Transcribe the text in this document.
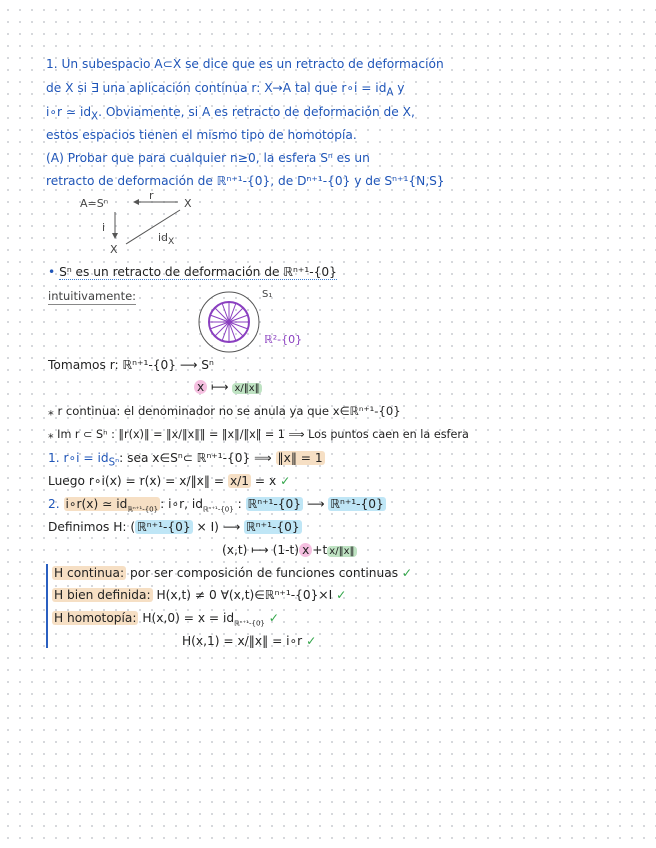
1. Un subespacio A⊂X se dice que es un retracto de deformación
de X si ∃ una aplicación continua r: X→A tal que r∘i = $id_A$ y
i∘r ≃ $id_X$. Obviamente, si A es retracto de deformación de X,
estos espacios tienen el mismo tipo de homotopía.
(A) Probar que para cualquier n≥0, la esfera Sⁿ es un
retracto de deformación de ℝⁿ⁺¹-{0}, de Dⁿ⁺¹-{0} y de Sⁿ⁺¹{N,S}
A=Sⁿ
r
X
i
X
$id_X$
• Sⁿ es un retracto de deformación de ℝⁿ⁺¹-{0}
intuitivamente:	S₁
ℝ²-{0}
Tomamos r: ℝⁿ⁺¹-{0} ⟶ Sⁿ
x ⟼ x/‖x‖
⁎ r continua: el denominador no se anula ya que x∈ℝⁿ⁺¹-{0}
⁎ Im r ⊂ Sⁿ : ‖r(x)‖ = ‖x/‖x‖‖ = ‖x‖/‖x‖ = 1 ⟹ Los puntos caen en la esfera
1. r∘i = $id_{S^n}$: sea x∈Sⁿ⊂ ℝⁿ⁺¹-{0} ⟹ ‖x‖ = 1
Luego r∘i(x) = r(x) = x/‖x‖ = x/1 = x ✓
2. i∘r(x) ≃ $id_{ℝ^{n+1}-\{0\}}$ : i∘r, $id_{ℝ^{n+1}-\{0\}}$ : ℝⁿ⁺¹-{0} ⟶ ℝⁿ⁺¹-{0}
Definimos H: ( ℝⁿ⁺¹-{0} × I) ⟶ ℝⁿ⁺¹-{0}
(x,t) ⟼ (1-t) x +t x/‖x‖
H continua: por ser composición de funciones continuas ✓
H bien definida: H(x,t) ≠ 0 ∀(x,t)∈ℝⁿ⁺¹-{0}×I ✓
H homotopía: $H(x,0) = x = id_{ℝ^{n+1}-\{0\}}$ ✓
H(x,1) = x/‖x‖ = i∘r ✓
